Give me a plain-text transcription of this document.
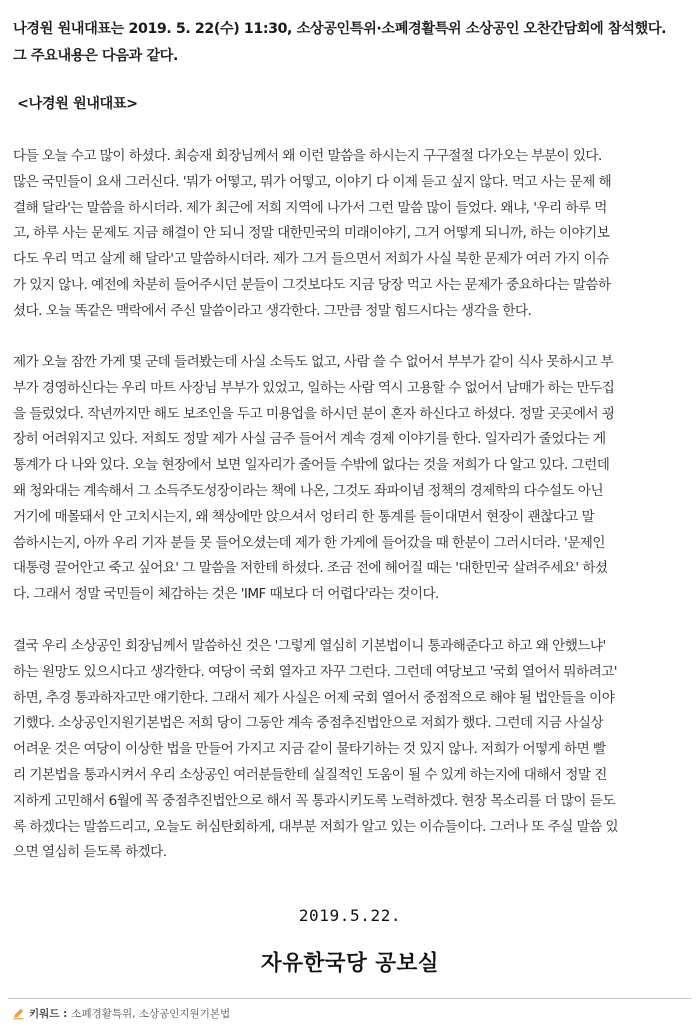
나경원 원내대표는 2019. 5. 22(수) 11:30, 소상공인특위·소폐경활특위 소상공인 오찬간담회에 참석했다.
그 주요내용은 다음과 같다.
<나경원 원내대표>
다들 오늘 수고 많이 하셨다. 최승재 회장님께서 왜 이런 말씀을 하시는지 구구절절 다가오는 부분이 있다.
많은 국민들이 요새 그러신다. '뭐가 어떻고, 뭐가 어떻고, 이야기 다 이제 듣고 싶지 않다. 먹고 사는 문제 해
결해 달라'는 말씀을 하시더라. 제가 최근에 저희 지역에 나가서 그런 말씀 많이 들었다. 왜냐, '우리 하루 먹
고, 하루 사는 문제도 지금 해결이 안 되니 정말 대한민국의 미래이야기, 그거 어떻게 되니까, 하는 이야기보
다도 우리 먹고 살게 해 달라'고 말씀하시더라. 제가 그거 들으면서 저희가 사실 북한 문제가 여러 가지 이슈
가 있지 않나. 예전에 차분히 들어주시던 분들이 그것보다도 지금 당장 먹고 사는 문제가 중요하다는 말씀하
셨다. 오늘 똑같은 맥락에서 주신 말씀이라고 생각한다. 그만큼 정말 힘드시다는 생각을 한다.
제가 오늘 잠깐 가게 몇 군데 들려봤는데 사실 소득도 없고, 사람 쓸 수 없어서 부부가 같이 식사 못하시고 부
부가 경영하신다는 우리 마트 사장님 부부가 있었고, 일하는 사람 역시 고용할 수 없어서 남매가 하는 만두집
을 들렀었다. 작년까지만 해도 보조인을 두고 미용업을 하시던 분이 혼자 하신다고 하셨다. 정말 곳곳에서 굉
장히 어려워지고 있다. 저희도 정말 제가 사실 금주 들어서 계속 경제 이야기를 한다. 일자리가 줄었다는 게
통계가 다 나와 있다. 오늘 현장에서 보면 일자리가 줄어들 수밖에 없다는 것을 저희가 다 알고 있다. 그런데
왜 청와대는 계속해서 그 소득주도성장이라는 책에 나온, 그것도 좌파이념 정책의 경제학의 다수설도 아닌
거기에 매몰돼서 안 고치시는지, 왜 책상에만 앉으셔서 엉터리 한 통계를 들이대면서 현장이 괜찮다고 말
씀하시는지, 아까 우리 기자 분들 못 들어오셨는데 제가 한 가게에 들어갔을 때 한분이 그러시더라. '문제인
대통령 끌어안고 죽고 싶어요' 그 말씀을 저한테 하셨다. 조금 전에 헤어질 때는 '대한민국 살려주세요' 하셨
다. 그래서 정말 국민들이 체감하는 것은 'IMF 때보다 더 어렵다'라는 것이다.
결국 우리 소상공인 회장님께서 말씀하신 것은 '그렇게 열심히 기본법이니 통과해준다고 하고 왜 안했느냐'
하는 원망도 있으시다고 생각한다. 여당이 국회 열자고 자꾸 그런다. 그런데 여당보고 '국회 열어서 뭐하려고'
하면, 추경 통과하자고만 얘기한다. 그래서 제가 사실은 어제 국회 열어서 중점적으로 해야 될 법안들을 이야
기했다. 소상공인지원기본법은 저희 당이 그동안 계속 중점추진법안으로 저희가 했다. 그런데 지금 사실상
어려운 것은 여당이 이상한 법을 만들어 가지고 지금 같이 물타기하는 것 있지 않나. 저희가 어떻게 하면 빨
리 기본법을 통과시켜서 우리 소상공인 여러분들한테 실질적인 도움이 될 수 있게 하는지에 대해서 정말 진
지하게 고민해서 6월에 꼭 중점추진법안으로 해서 꼭 통과시키도록 노력하겠다. 현장 목소리를 더 많이 듣도
록 하겠다는 말씀드리고, 오늘도 허심탄회하게, 대부분 저희가 알고 있는 이슈들이다. 그러나 또 주실 말씀 있
으면 열심히 듣도록 하겠다.
2019.5.22.
자유한국당 공보실
키워드 : 소폐경활특위, 소상공인지원기본법
